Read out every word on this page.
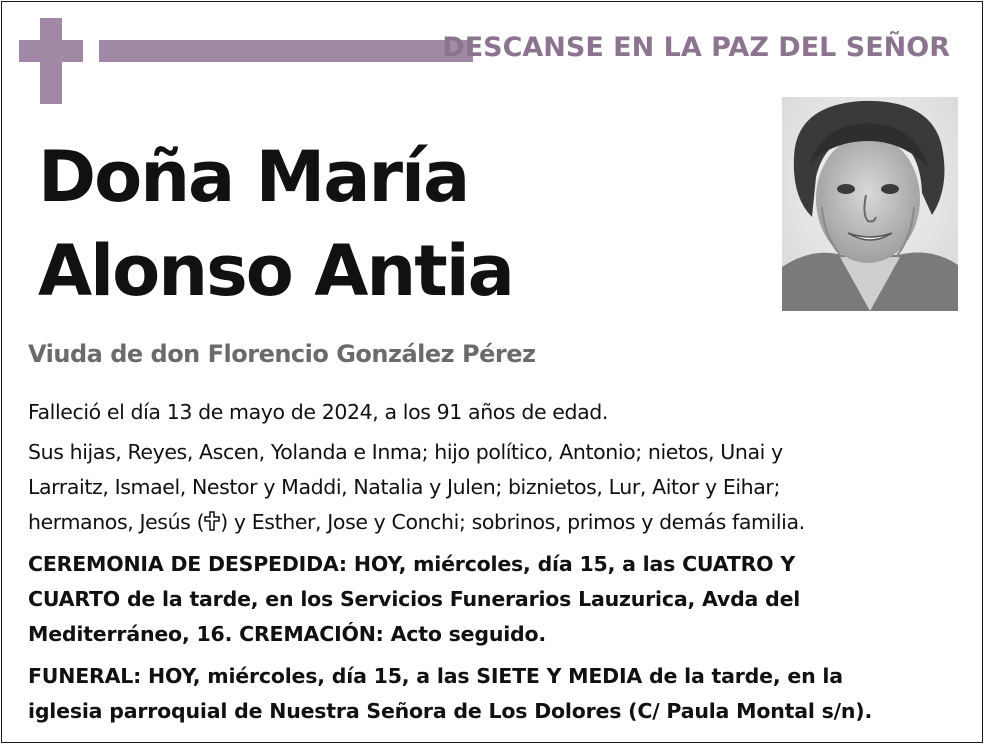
DESCANSE EN LA PAZ DEL SEÑOR
Doña María
Alonso Antia
Viuda de don Florencio González Pérez
Falleció el día 13 de mayo de 2024, a los 91 años de edad.
Sus hijas, Reyes, Ascen, Yolanda e Inma; hijo político, Antonio; nietos, Unai y
Larraitz, Ismael, Nestor y Maddi, Natalia y Julen; biznietos, Lur, Aitor y Eihar;
hermanos, Jesús ( ) y Esther, Jose y Conchi; sobrinos, primos y demás familia.
CEREMONIA DE DESPEDIDA: HOY, miércoles, día 15, a las CUATRO Y
CUARTO de la tarde, en los Servicios Funerarios Lauzurica, Avda del
Mediterráneo, 16. CREMACIÓN: Acto seguido.
FUNERAL: HOY, miércoles, día 15, a las SIETE Y MEDIA de la tarde, en la
iglesia parroquial de Nuestra Señora de Los Dolores (C/ Paula Montal s/n).
